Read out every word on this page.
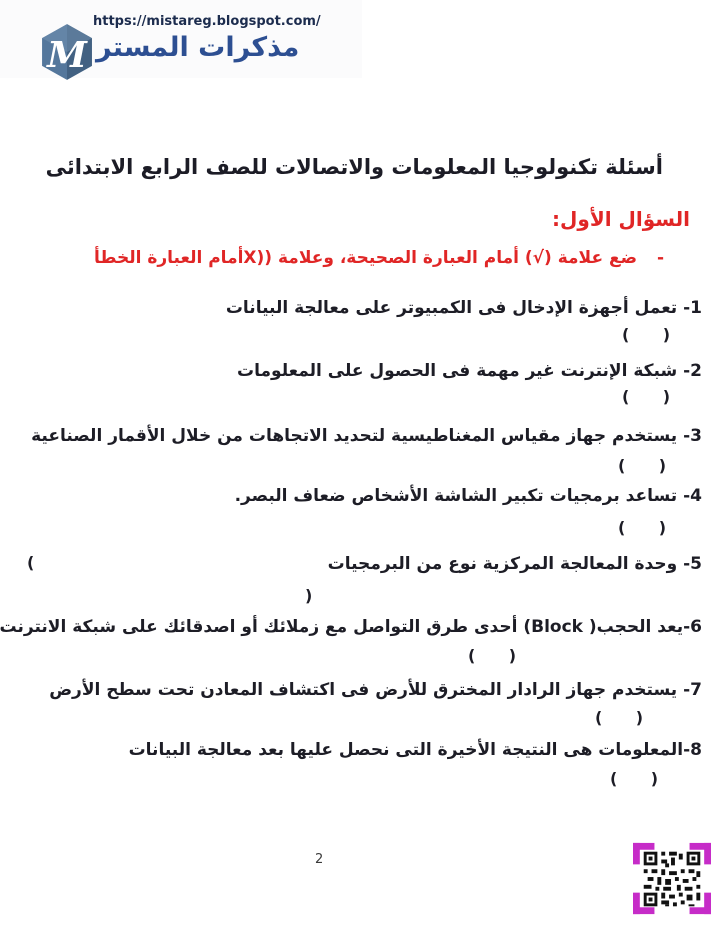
M
https://mistareg.blogspot.com/
مذكرات المستر
أسئلة تكنولوجيا المعلومات والاتصالات للصف الرابع الابتدائى
السؤال الأول:
- ضع علامة (√) أمام العبارة الصحيحة، وعلامة ((Xأمام العبارة الخطأ
1- تعمل أجهزة الإدخال فى الكمبيوتر على معالجة البيانات
(      )
2- شبكة الإنترنت غير مهمة فى الحصول على المعلومات
(      )
3- يستخدم جهاز مقياس المغناطيسية لتحديد الاتجاهات من خلال الأقمار الصناعية
(      )
4- تساعد برمجيات تكبير الشاشة الأشخاص ضعاف البصر.
(      )
5- وحدة المعالجة المركزية نوع من البرمجيات
(
)
6-يعد الحجب( Block) أحدى طرق التواصل مع زملائك أو اصدقائك على شبكة الانترنت
(      )
7- يستخدم جهاز الرادار المخترق للأرض فى اكتشاف المعادن تحت سطح الأرض
(      )
8-المعلومات هى النتيجة الأخيرة التى نحصل عليها بعد معالجة البيانات
(      )
2
